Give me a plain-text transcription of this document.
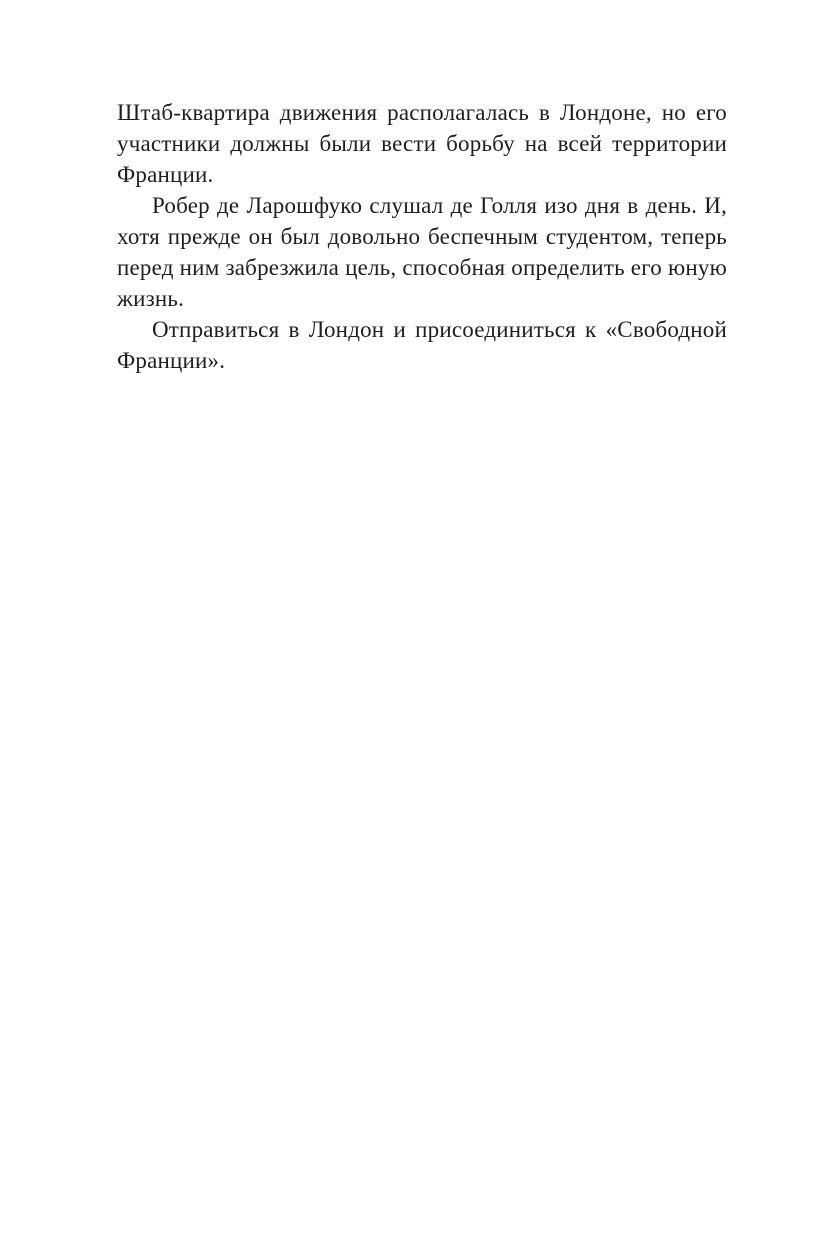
Штаб-квартира движения располагалась в Лондоне, но его участники должны были вести борьбу на всей территории Франции.

Робер де Ларошфуко слушал де Голля изо дня в день. И, хотя прежде он был довольно беспечным студентом, теперь перед ним забрезжила цель, способная определить его юную жизнь.

Отправиться в Лондон и присоединиться к «Свободной Франции».
